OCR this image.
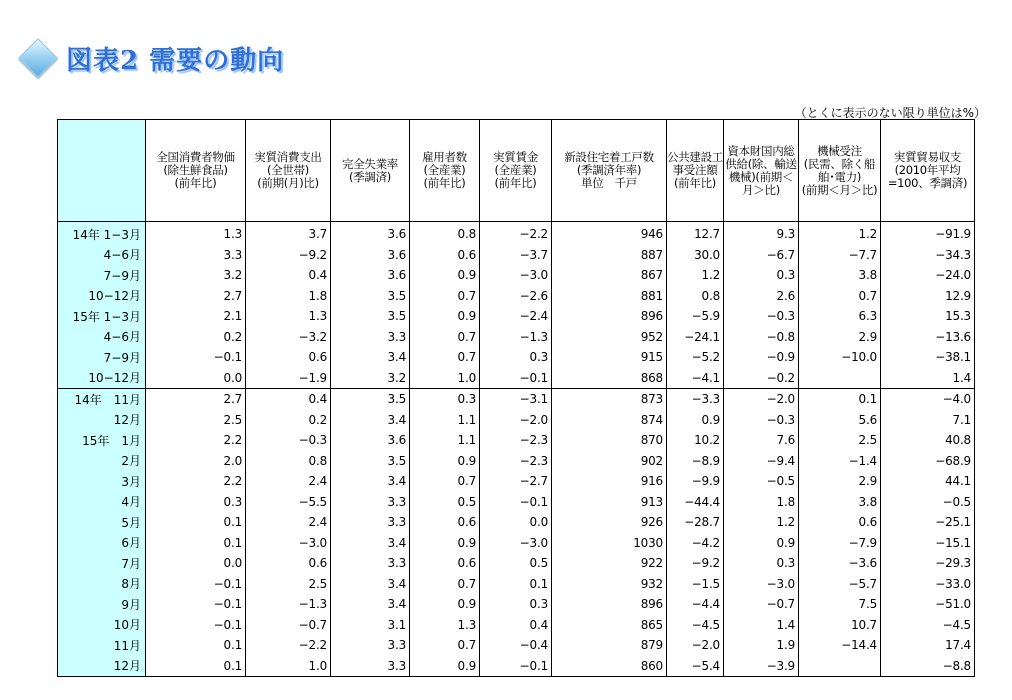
図表2 需要の動向
（とくに表示のない限り単位は%）
	全国消費者物価
(除生鮮食品)
(前年比)	実質消費支出
(全世帯)
(前期(月)比)	完全失業率
(季調済)	雇用者数
(全産業)
(前年比)	実質賃金
(全産業)
(前年比)	新設住宅着工戸数
(季調済年率)
単位　千戸	公共建設工事受注額
(前年比)	資本財国内総供給(除、輸送機械)(前期＜月＞比)	機械受注
(民需、除く船舶･電力)
(前期＜月＞比)	実質貿易収支
(2010年平均=100、季調済)
14年 1−3月	1.3	3.7	3.6	0.8	−2.2	946	12.7	9.3	1.2	−91.9
4−6月	3.3	−9.2	3.6	0.6	−3.7	887	30.0	−6.7	−7.7	−34.3
7−9月	3.2	0.4	3.6	0.9	−3.0	867	1.2	0.3	3.8	−24.0
10−12月	2.7	1.8	3.5	0.7	−2.6	881	0.8	2.6	0.7	12.9
15年 1−3月	2.1	1.3	3.5	0.9	−2.4	896	−5.9	−0.3	6.3	15.3
4−6月	0.2	−3.2	3.3	0.7	−1.3	952	−24.1	−0.8	2.9	−13.6
7−9月	−0.1	0.6	3.4	0.7	0.3	915	−5.2	−0.9	−10.0	−38.1
10−12月	0.0	−1.9	3.2	1.0	−0.1	868	−4.1	−0.2		1.4
14年　11月	2.7	0.4	3.5	0.3	−3.1	873	−3.3	−2.0	0.1	−4.0
12月	2.5	0.2	3.4	1.1	−2.0	874	0.9	−0.3	5.6	7.1
15年　1月	2.2	−0.3	3.6	1.1	−2.3	870	10.2	7.6	2.5	40.8
2月	2.0	0.8	3.5	0.9	−2.3	902	−8.9	−9.4	−1.4	−68.9
3月	2.2	2.4	3.4	0.7	−2.7	916	−9.9	−0.5	2.9	44.1
4月	0.3	−5.5	3.3	0.5	−0.1	913	−44.4	1.8	3.8	−0.5
5月	0.1	2.4	3.3	0.6	0.0	926	−28.7	1.2	0.6	−25.1
6月	0.1	−3.0	3.4	0.9	−3.0	1030	−4.2	0.9	−7.9	−15.1
7月	0.0	0.6	3.3	0.6	0.5	922	−9.2	0.3	−3.6	−29.3
8月	−0.1	2.5	3.4	0.7	0.1	932	−1.5	−3.0	−5.7	−33.0
9月	−0.1	−1.3	3.4	0.9	0.3	896	−4.4	−0.7	7.5	−51.0
10月	−0.1	−0.7	3.1	1.3	0.4	865	−4.5	1.4	10.7	−4.5
11月	0.1	−2.2	3.3	0.7	−0.4	879	−2.0	1.9	−14.4	17.4
12月	0.1	1.0	3.3	0.9	−0.1	860	−5.4	−3.9		−8.8
